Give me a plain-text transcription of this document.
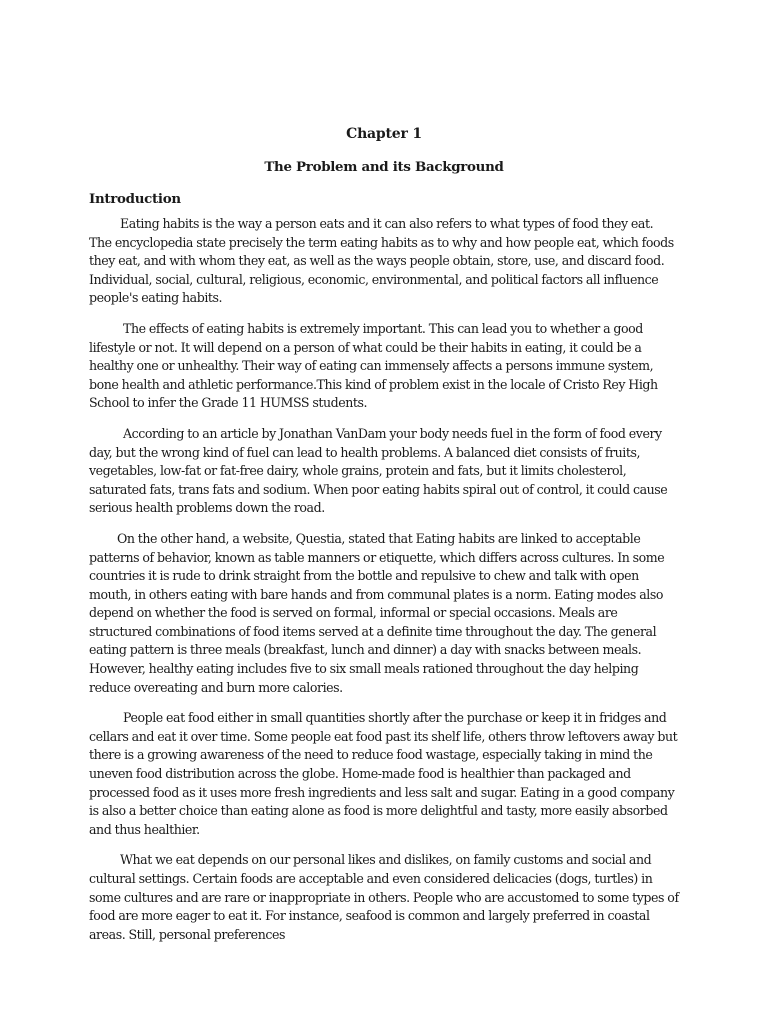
Chapter 1
The Problem and its Background
Introduction

Eating habits is the way a person eats and it can also refers to what types of food they eat. The encyclopedia state precisely the term eating habits as to why and how people eat, which foods they eat, and with whom they eat, as well as the ways people obtain, store, use, and discard food. Individual, social, cultural, religious, economic, environmental, and political factors all influence people's eating habits.

The effects of eating habits is extremely important. This can lead you to whether a good lifestyle or not. It will depend on a person of what could be their habits in eating, it could be a healthy one or unhealthy. Their way of eating can immensely affects a persons immune system, bone health and athletic performance.This kind of problem exist in the locale of Cristo Rey High School to infer the Grade 11 HUMSS students.

According to an article by Jonathan VanDam your body needs fuel in the form of food every day, but the wrong kind of fuel can lead to health problems. A balanced diet consists of fruits, vegetables, low-fat or fat-free dairy, whole grains, protein and fats, but it limits cholesterol, saturated fats, trans fats and sodium. When poor eating habits spiral out of control, it could cause serious health problems down the road.

On the other hand, a website, Questia, stated that Eating habits are linked to acceptable patterns of behavior, known as table manners or etiquette, which differs across cultures. In some countries it is rude to drink straight from the bottle and repulsive to chew and talk with open mouth, in others eating with bare hands and from communal plates is a norm. Eating modes also depend on whether the food is served on formal, informal or special occasions. Meals are structured combinations of food items served at a definite time throughout the day. The general eating pattern is three meals (breakfast, lunch and dinner) a day with snacks between meals. However, healthy eating includes five to six small meals rationed throughout the day helping reduce overeating and burn more calories.

People eat food either in small quantities shortly after the purchase or keep it in fridges and cellars and eat it over time. Some people eat food past its shelf life, others throw leftovers away but there is a growing awareness of the need to reduce food wastage, especially taking in mind the uneven food distribution across the globe. Home-made food is healthier than packaged and processed food as it uses more fresh ingredients and less salt and sugar. Eating in a good company is also a better choice than eating alone as food is more delightful and tasty, more easily absorbed and thus healthier.

What we eat depends on our personal likes and dislikes, on family customs and social and cultural settings. Certain foods are acceptable and even considered delicacies (dogs, turtles) in some cultures and are rare or inappropriate in others. People who are accustomed to some types of food are more eager to eat it. For instance, seafood is common and largely preferred in coastal areas. Still, personal preferences
